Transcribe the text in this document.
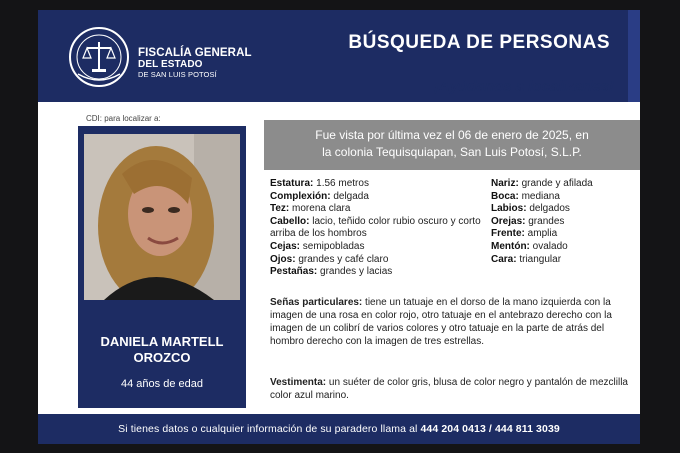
FISCALÍA GENERAL
DEL ESTADO
DE SAN LUIS POTOSÍ
BÚSQUEDA DE PERSONAS
¡Ayúdanos a localizarles!
CDI: para localizar a:
DANIELA MARTELL
OROZCO
44 años de edad
Fue vista por última vez el 06 de enero de 2025, en
la colonia Tequisquiapan, San Luis Potosí, S.L.P.
Estatura: 1.56 metros
Complexión: delgada
Tez: morena clara
Cabello: lacio, teñido color rubio oscuro y corto arriba de los hombros
Cejas: semipobladas
Ojos: grandes y café claro
Pestañas: grandes y lacias
Nariz: grande y afilada
Boca: mediana
Labios: delgados
Orejas: grandes
Frente: amplia
Mentón: ovalado
Cara: triangular
Señas particulares: tiene un tatuaje en el dorso de la mano izquierda con la imagen de una rosa en color rojo, otro tatuaje en el antebrazo derecho con la imagen de un colibrí de varios colores y otro tatuaje en la parte de atrás del hombro derecho con la imagen de tres estrellas.
Vestimenta: un suéter de color gris, blusa de color negro y pantalón de mezclilla color azul marino.
Si tienes datos o cualquier información de su paradero llama al 444 204 0413 / 444 811 3039
